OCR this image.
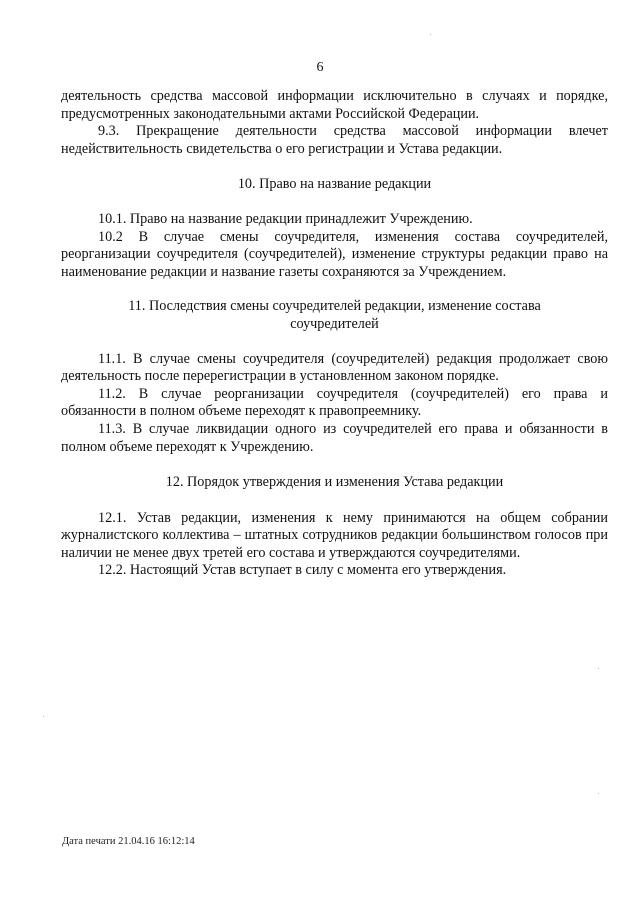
6

деятельность средства массовой информации исключительно в случаях и порядке, предусмотренных законодательными актами Российской Федерации.

9.3. Прекращение деятельности средства массовой информации влечет недействительность свидетельства о его регистрации и Устава редакции.

10. Право на название редакции

10.1. Право на название редакции принадлежит Учреждению.

10.2 В случае смены соучредителя, изменения состава соучредителей, реорганизации соучредителя (соучредителей), изменение структуры редакции право на наименование редакции и название газеты сохраняются за Учреждением.

11. Последствия смены соучредителей редакции, изменение состава
соучредителей

11.1. В случае смены соучредителя (соучредителей) редакция продолжает свою деятельность после перерегистрации в установленном законом порядке.

11.2. В случае реорганизации соучредителя (соучредителей) его права и обязанности в полном объеме переходят к правопреемнику.

11.3. В случае ликвидации одного из соучредителей его права и обязанности в полном объеме переходят к Учреждению.

12. Порядок утверждения и изменения Устава редакции

12.1. Устав редакции, изменения к нему принимаются на общем собрании журналистского коллектива – штатных сотрудников редакции большинством голосов при наличии не менее двух третей его состава и утверждаются соучредителями.

12.2. Настоящий Устав вступает в силу с момента его утверждения.

Дата печати 21.04.16 16:12:14
